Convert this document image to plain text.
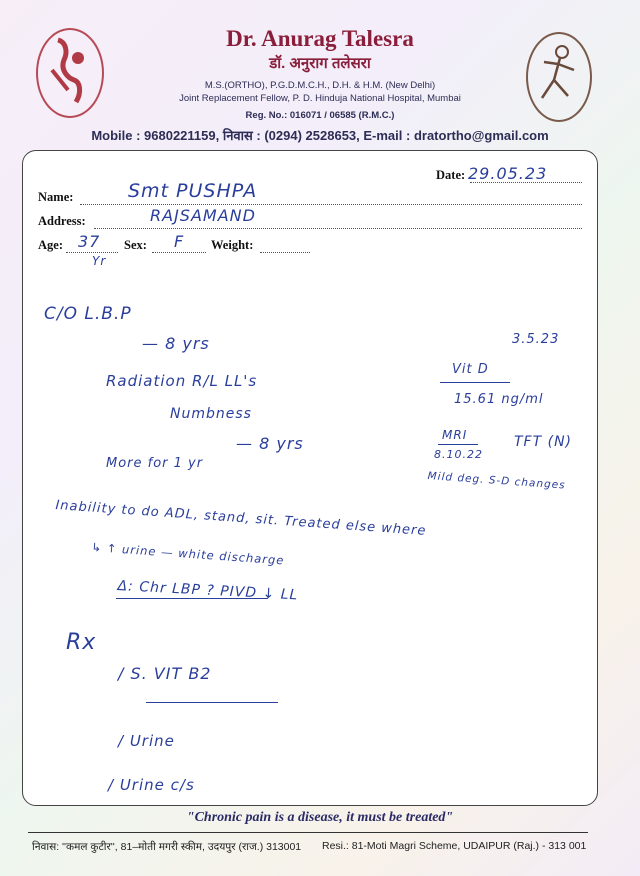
Dr. Anurag Talesra
डॉ. अनुराग तलेसरा
M.S.(ORTHO), P.G.D.M.C.H., D.H. & H.M. (New Delhi)
Joint Replacement Fellow, P. D. Hinduja National Hospital, Mumbai
Reg. No.: 016071 / 06585 (R.M.C.)
Mobile : 9680221159, निवास : (0294) 2528653, E-mail : dratortho@gmail.com
Date:
Name:
Address:
Age:	Sex:	Weight:
29.05.23
Smt PUSHPA
RAJSAMAND
37
Yr
F
C/O L.B.P
— 8 yrs
Radiation R/L LL's
Numbness
— 8 yrs
More for 1 yr
Inability to do ADL, stand, sit. Treated else where
↳ ↑ urine — white discharge
Δ: Chr LBP ? PIVD ↓ LL
3.5.23
Vit D
15.61 ng/ml
MRI
8.10.22
TFT (N)
Mild deg. S-D changes
Rx
/ S. VIT B2
/ Urine
/ Urine c/s
"Chronic pain is a disease, it must be treated"
निवास: ''कमल कुटीर'', 81–मोती मगरी स्कीम, उदयपुर (राज.) 313001 Resi.: 81-Moti Magri Scheme, UDAIPUR (Raj.) - 313 001
